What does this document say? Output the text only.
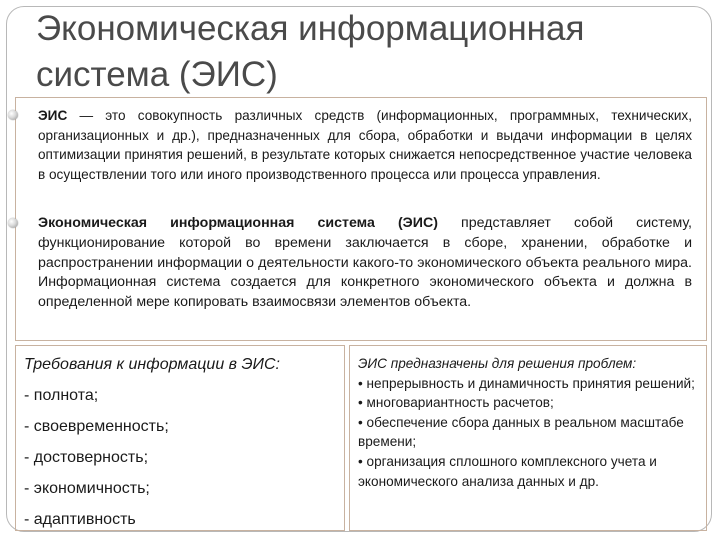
Экономическая информационная система (ЭИС)
ЭИС — это совокупность различных средств (информационных, программных, технических, организационных и др.), предназначенных для сбора, обработки и выдачи информации в целях оптимизации принятия решений, в результате которых снижается непосредственное участие человека в осуществлении того или иного производственного процесса или процесса управления.
Экономическая информационная система (ЭИС) представляет собой систему, функционирование которой во времени заключается в сборе, хранении, обработке и распространении информации о деятельности какого-то экономического объекта реального мира. Информационная система создается для конкретного экономического объекта и должна в определенной мере копировать взаимосвязи элементов объекта.
Требования к информации в ЭИС:
- полнота;
- своевременность;
- достоверность;
- экономичность;
- адаптивность
ЭИС предназначены для решения проблем:
• непрерывность и динамичность принятия решений;
• многовариантность расчетов;
• обеспечение сбора данных в реальном масштабе времени;
• организация сплошного комплексного учета и экономического анализа данных и др.
